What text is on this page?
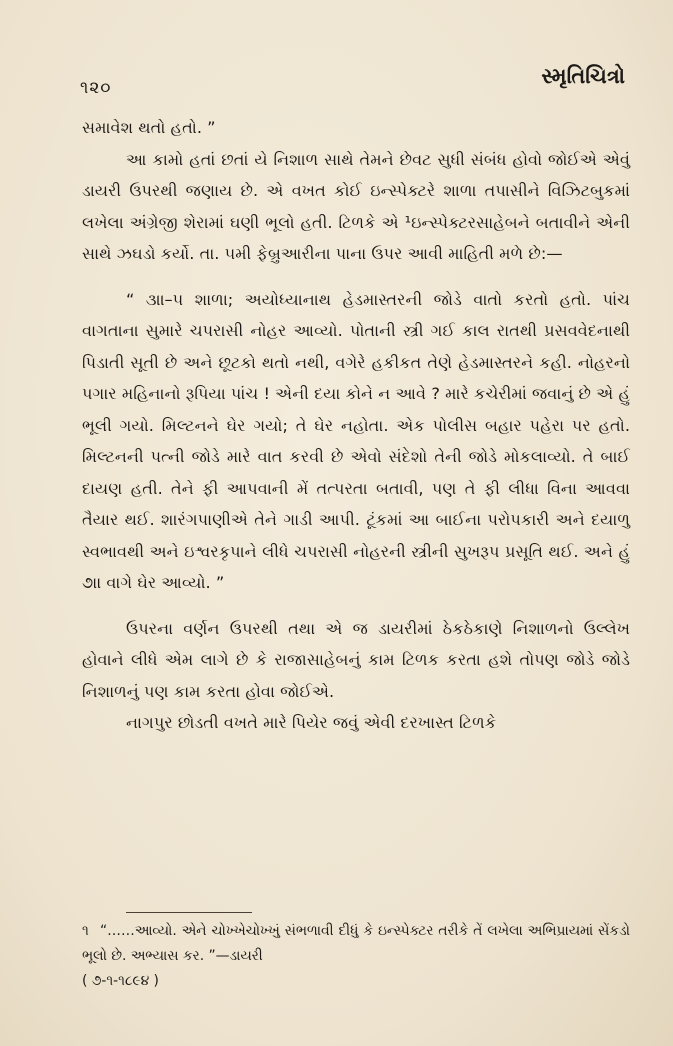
૧૨૦	સ્મૃતિચિત્રો

સમાવેશ થતો હતો. ”

આ કામો હતાં છતાં યે નિશાળ સાથે તેમને છેવટ સુધી સંબંધ હોવો જોઈએ એવું ડાયરી ઉપરથી જણાય છે. એ વખત કોઈ ઇન્સ્પેક્ટરે શાળા તપાસીને વિઝિટબુકમાં લખેલા અંગ્રેજી શેરામાં ઘણી ભૂલો હતી. ટિળકે એ ¹ઇન્સ્પેક્ટરસાહેબને બતાવીને એની સાથે ઝઘડો કર્યો. તા. ૫મી ફેબ્રુઆરીના પાના ઉપર આવી માહિતી મળે છે:—

“ ૩ાા–૫ શાળા; અયોધ્યાનાથ હેડમાસ્તરની જોડે વાતો કરતો હતો. પાંચ વાગતાના સુમારે ચપરાસી નોહર આવ્યો. પોતાની સ્ત્રી ગઈ કાલ રાતથી પ્રસવવેદનાથી પિડાતી સૂતી છે અને છૂટકો થતો નથી, વગેરે હકીકત તેણે હેડમાસ્તરને કહી. નોહરનો પગાર મહિનાનો રૂપિયા પાંચ ! એની દયા કોને ન આવે ? મારે કચેરીમાં જવાનું છે એ હું ભૂલી ગયો. મિલ્ટનને ઘેર ગયો; તે ઘેર નહોતા. એક પોલીસ બહાર પહેરા પર હતો. મિલ્ટનની પત્ની જોડે મારે વાત કરવી છે એવો સંદેશો તેની જોડે મોકલાવ્યો. તે બાઈ દાયણ હતી. તેને ફી આપવાની મેં તત્પરતા બતાવી, પણ તે ફી લીધા વિના આવવા તૈયાર થઈ. શારંગપાણીએ તેને ગાડી આપી. ટૂંકમાં આ બાઈના પરોપકારી અને દયાળુ સ્વભાવથી અને ઇશ્વરકૃપાને લીધે ચપરાસી નોહરની સ્ત્રીની સુખરૂપ પ્રસૂતિ થઈ. અને હું ૭ાા વાગે ઘેર આવ્યો. ”

ઉપરના વર્ણન ઉપરથી તથા એ જ ડાયરીમાં ઠેકઠેકાણે નિશાળનો ઉલ્લેખ હોવાને લીધે એમ લાગે છે કે રાજાસાહેબનું કામ ટિળક કરતા હશે તોપણ જોડે જોડે નિશાળનું પણ કામ કરતા હોવા જોઈએ.

નાગપુર છોડતી વખતે મારે પિયેર જવું એવી દરખાસ્ત ટિળકે

૧ “……આવ્યો. એને ચોખ્ખેચોખ્ખું સંભળાવી દીધું કે ઇન્સ્પેક્ટર તરીકે તેં લખેલા અભિપ્રાયમાં સેંકડો ભૂલો છે. અભ્યાસ કર. ”—ડાયરી

( ૭-૧-૧૮૯૪ )
